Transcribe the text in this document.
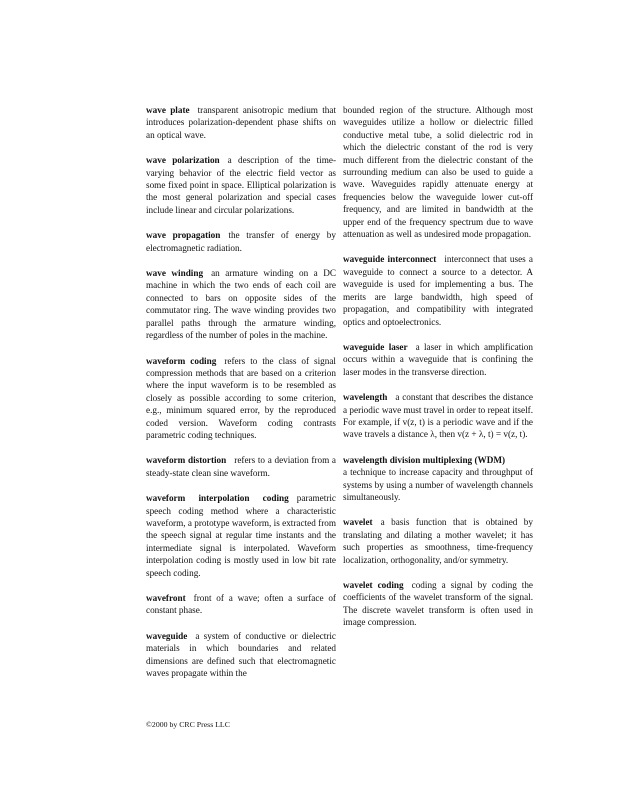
wave plate transparent anisotropic medium that introduces polarization-dependent phase shifts on an optical wave.

wave polarization a description of the time-varying behavior of the electric field vector as some fixed point in space. Elliptical polarization is the most general polarization and special cases include linear and circular polarizations.

wave propagation the transfer of energy by electromagnetic radiation.

wave winding an armature winding on a DC machine in which the two ends of each coil are connected to bars on opposite sides of the commutator ring. The wave winding provides two parallel paths through the armature winding, regardless of the number of poles in the machine.

waveform coding refers to the class of signal compression methods that are based on a criterion where the input waveform is to be resembled as closely as possible according to some criterion, e.g., minimum squared error, by the reproduced coded version. Waveform coding contrasts parametric coding techniques.

waveform distortion refers to a deviation from a steady-state clean sine waveform.

waveform interpolation coding parametric speech coding method where a characteristic waveform, a prototype waveform, is extracted from the speech signal at regular time instants and the intermediate signal is interpolated. Waveform interpolation coding is mostly used in low bit rate speech coding.

wavefront front of a wave; often a surface of constant phase.

waveguide a system of conductive or dielectric materials in which boundaries and related dimensions are defined such that electromagnetic waves propagate within the

bounded region of the structure. Although most waveguides utilize a hollow or dielectric filled conductive metal tube, a solid dielectric rod in which the dielectric constant of the rod is very much different from the dielectric constant of the surrounding medium can also be used to guide a wave. Waveguides rapidly attenuate energy at frequencies below the waveguide lower cut-off frequency, and are limited in bandwidth at the upper end of the frequency spectrum due to wave attenuation as well as undesired mode propagation.

waveguide interconnect interconnect that uses a waveguide to connect a source to a detector. A waveguide is used for implementing a bus. The merits are large bandwidth, high speed of propagation, and compatibility with integrated optics and optoelectronics.

waveguide laser a laser in which amplification occurs within a waveguide that is confining the laser modes in the transverse direction.

wavelength a constant that describes the distance a periodic wave must travel in order to repeat itself. For example, if v(z, t) is a periodic wave and if the wave travels a distance λ, then v(z + λ, t) = v(z, t).

wavelength division multiplexing (WDM)
a technique to increase capacity and throughput of systems by using a number of wavelength channels simultaneously.

wavelet a basis function that is obtained by translating and dilating a mother wavelet; it has such properties as smoothness, time-frequency localization, orthogonality, and/or symmetry.

wavelet coding coding a signal by coding the coefficients of the wavelet transform of the signal. The discrete wavelet transform is often used in image compression.

©2000 by CRC Press LLC
